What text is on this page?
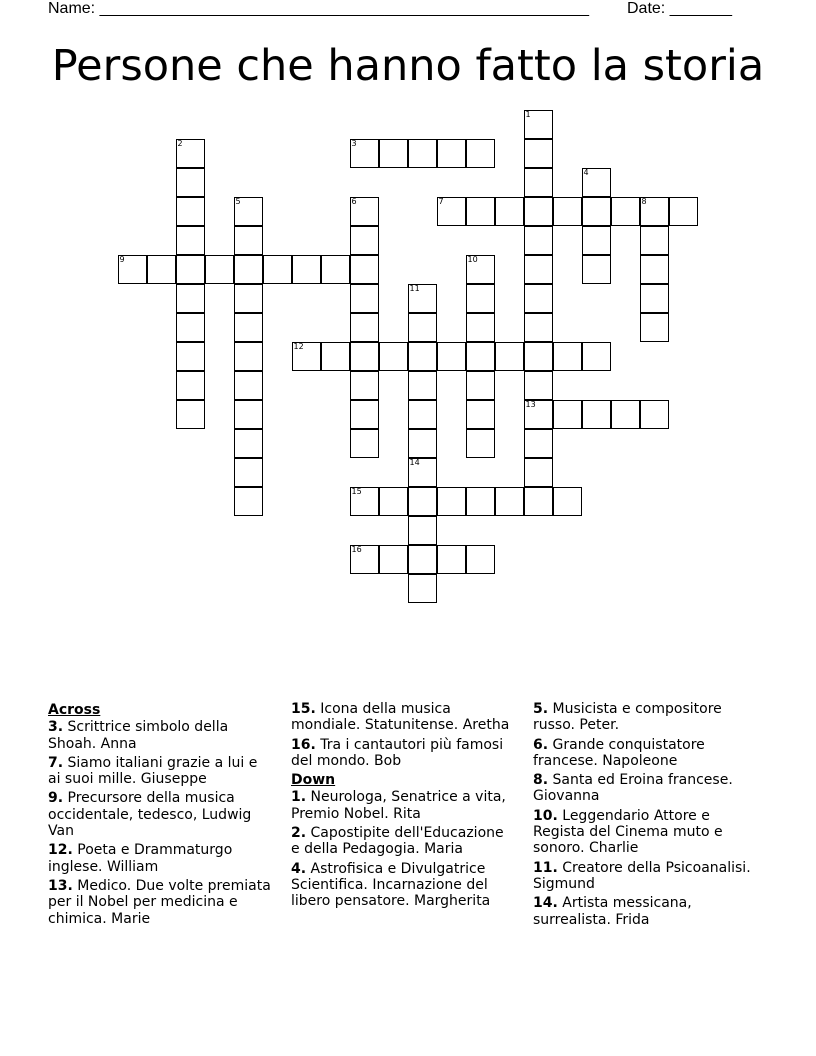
Name: _______________________________________________________ Date: _______
Persone che hanno fatto la storia
1
13
2	3
4
5	6	7	8
9	10
11
12
14
15
16
Across
3. Scrittrice simbolo della Shoah. Anna
7. Siamo italiani grazie a lui e ai suoi mille. Giuseppe
9. Precursore della musica occidentale, tedesco, Ludwig Van
12. Poeta e Drammaturgo inglese. William
13. Medico. Due volte premiata per il Nobel per medicina e chimica. Marie
15. Icona della musica mondiale. Statunitense. Aretha
16. Tra i cantautori più famosi del mondo. Bob
Down
1. Neurologa, Senatrice a vita, Premio Nobel. Rita
2. Capostipite dell'Educazione e della Pedagogia. Maria
4. Astrofisica e Divulgatrice Scientifica. Incarnazione del libero pensatore. Margherita
5. Musicista e compositore russo. Peter.
6. Grande conquistatore francese. Napoleone
8. Santa ed Eroina francese. Giovanna
10. Leggendario Attore e Regista del Cinema muto e sonoro. Charlie
11. Creatore della Psicoanalisi. Sigmund
14. Artista messicana, surrealista. Frida
